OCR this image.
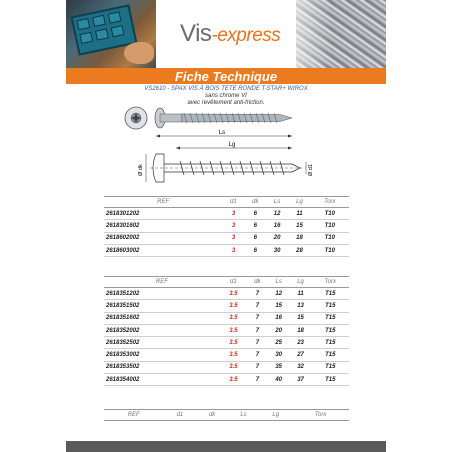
Vis-express
Fiche Technique
VS2610 - SPAX VIS À BOIS TETE RONDE T-STAR+ WIROX
sans chrome VI
avec revêtement anti-friction.
Ls
Lg
Ø dk	Ø d1
REF	d1	dk	Ls	Lg	Torx
2618301202	3	6	12	11	T10
2618301602	3	6	16	15	T10
2618602002	3	6	20	18	T10
2618603002	3	6	30	28	T10
REF	d1	dk	Ls	Lg	Torx
2618351202	3.5	7	12	11	T15
2618351502	3.5	7	15	13	T15
2618351602	3.5	7	16	15	T15
2618352002	3.5	7	20	18	T15
2618352502	3.5	7	25	23	T15
2618353002	3.5	7	30	27	T15
2618353502	3.5	7	35	32	T15
2618354002	3.5	7	40	37	T15
REF	d1	dk	Ls	Lg	Torx
